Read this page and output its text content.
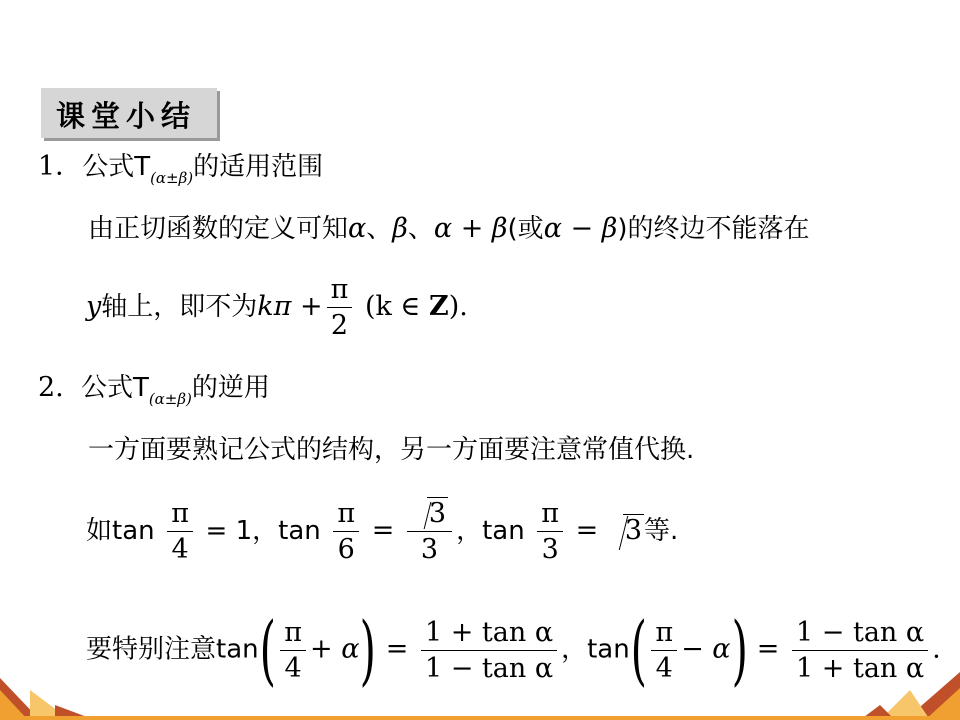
课堂小结
1．公式$T_{(\alpha\pm\beta)}$的适用范围
由正切函数的定义可知α、β、α + β(或α − β)的终边不能落在
y轴上，即不为$k\pi + \frac{\pi}{2} (k$ ∈ Z).
2. 公式$T_{(\alpha\pm\beta)}$的逆用
一方面要熟记公式的结构，另一方面要注意常值代换.
如$\tan \frac{\pi}{4} = 1$，$\tan \frac{\pi}{6} = \frac{3}{3}$ ，$\tan \frac{\pi}{3} = 3$等.
要特别注意$\tan( \frac{\pi}{4} + \alpha) = \frac{\text{1 + tan α}}{\text{1 − tan α}}$ ，$\tan( \frac{\pi}{4} - \alpha) = \frac{\text{1 − tan α}}{\text{1 + tan α}}$ .
